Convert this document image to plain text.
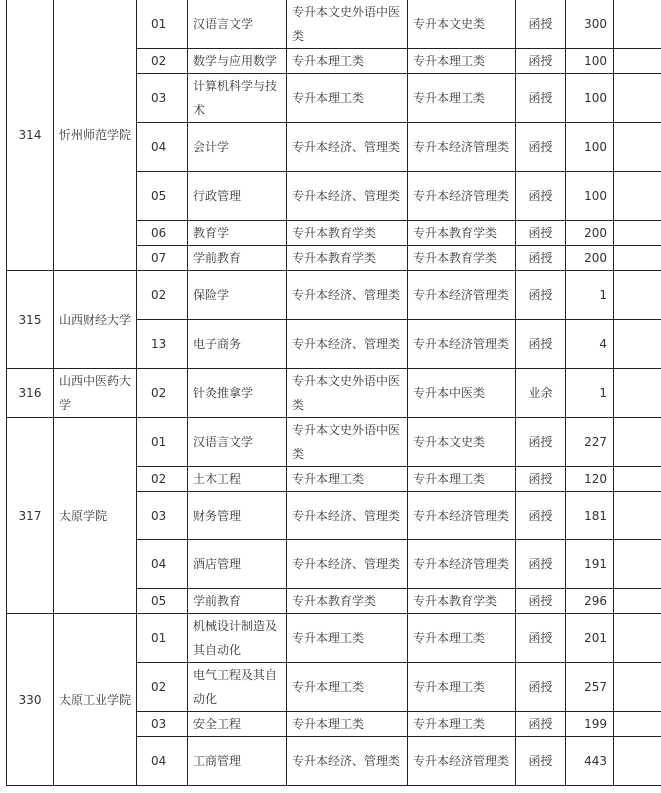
314	忻州师范学院	01	汉语言文学	专升本文史外语中医类	专升本文史类	函授	300	
		02	数学与应用数学	专升本理工类	专升本理工类	函授	100	
		03	计算机科学与技术	专升本理工类	专升本理工类	函授	100	
		04	会计学	专升本经济、管理类	专升本经济管理类	函授	100	
		05	行政管理	专升本经济、管理类	专升本经济管理类	函授	100	
		06	教育学	专升本教育学类	专升本教育学类	函授	200	
		07	学前教育	专升本教育学类	专升本教育学类	函授	200	
315	山西财经大学	02	保险学	专升本经济、管理类	专升本经济管理类	函授	1	
		13	电子商务	专升本经济、管理类	专升本经济管理类	函授	4	
316	山西中医药大学	02	针灸推拿学	专升本文史外语中医类	专升本中医类	业余	1	
317	太原学院	01	汉语言文学	专升本文史外语中医类	专升本文史类	函授	227	
		02	土木工程	专升本理工类	专升本理工类	函授	120	
		03	财务管理	专升本经济、管理类	专升本经济管理类	函授	181	
		04	酒店管理	专升本经济、管理类	专升本经济管理类	函授	191	
		05	学前教育	专升本教育学类	专升本教育学类	函授	296	
330	太原工业学院	01	机械设计制造及其自动化	专升本理工类	专升本理工类	函授	201	
		02	电气工程及其自动化	专升本理工类	专升本理工类	函授	257	
		03	安全工程	专升本理工类	专升本理工类	函授	199	
		04	工商管理	专升本经济、管理类	专升本经济管理类	函授	443	
